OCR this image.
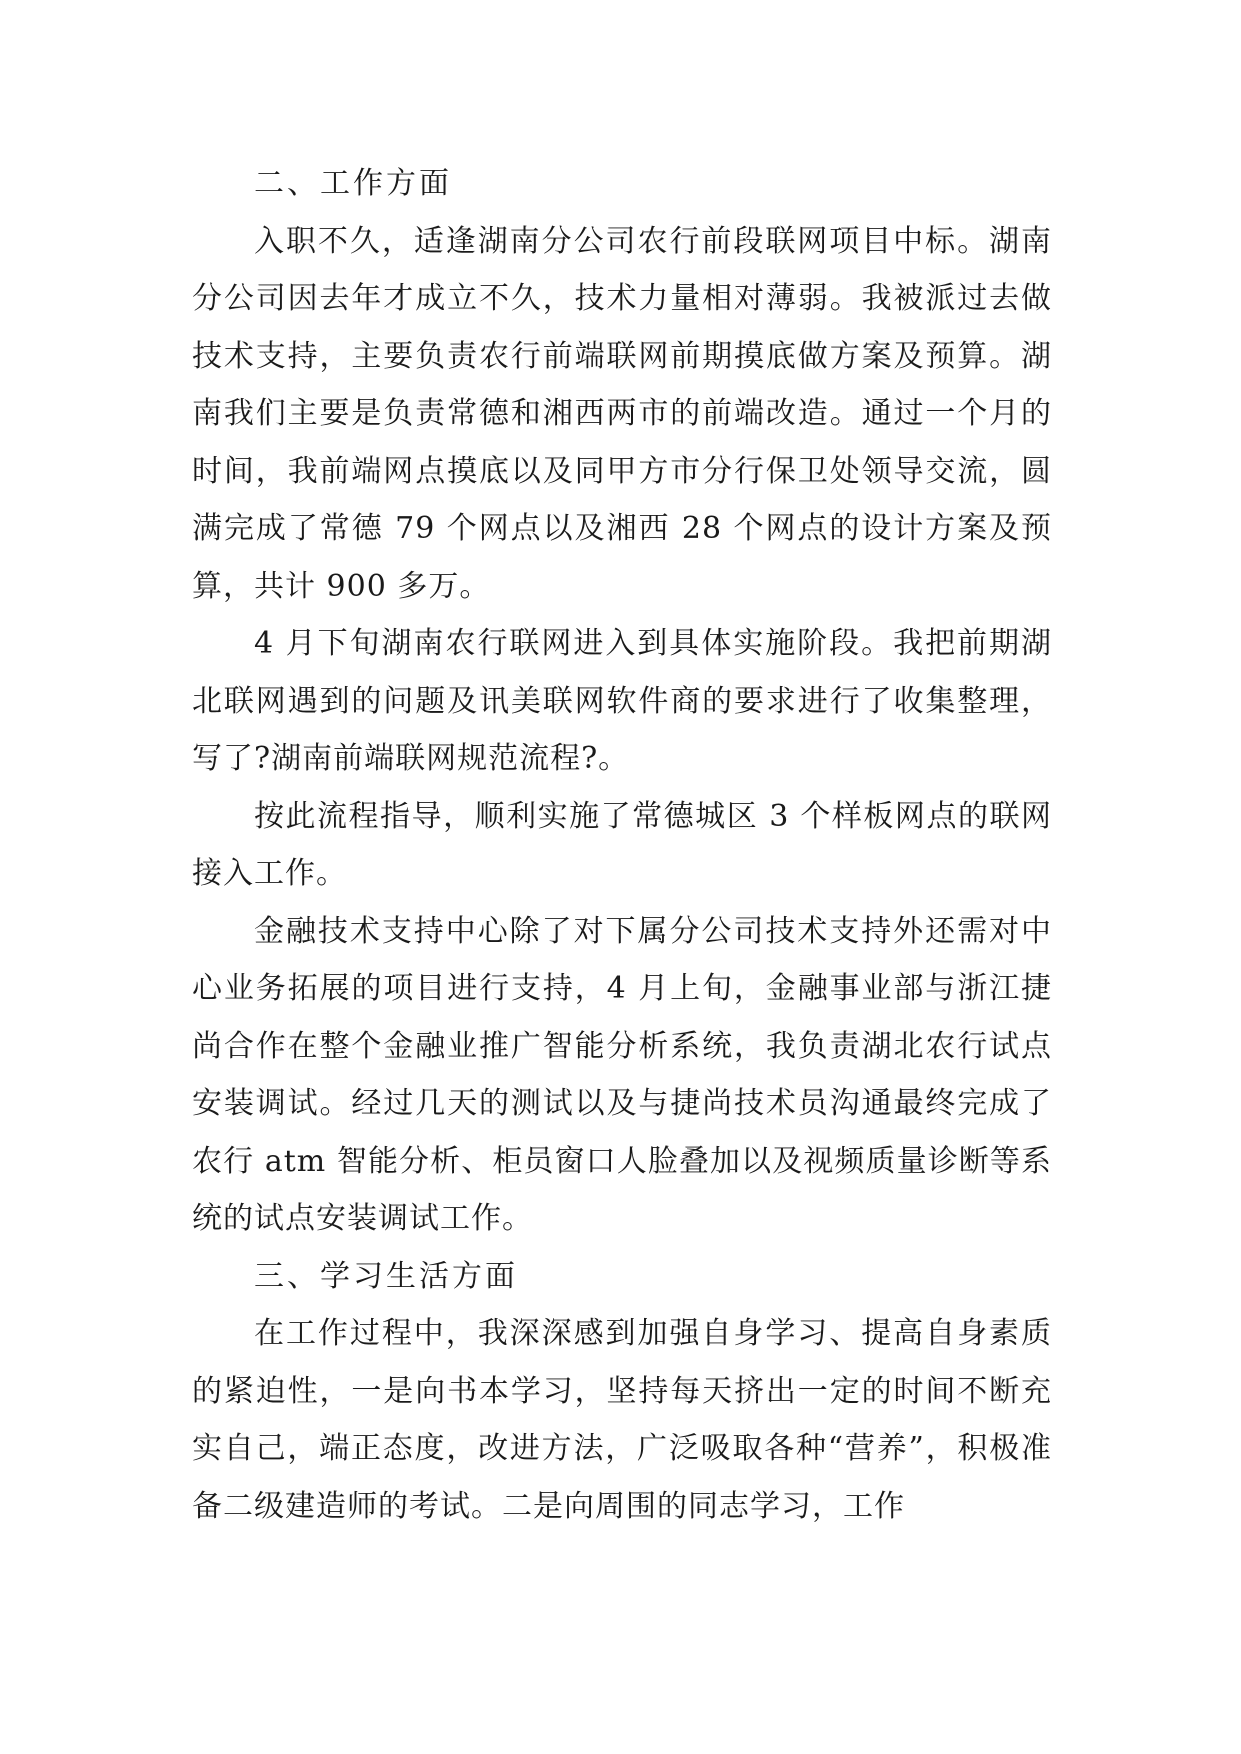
二、工作方面

入职不久，适逢湖南分公司农行前段联网项目中标。湖南分公司因去年才成立不久，技术力量相对薄弱。我被派过去做技术支持，主要负责农行前端联网前期摸底做方案及预算。湖南我们主要是负责常德和湘西两市的前端改造。通过一个月的时间，我前端网点摸底以及同甲方市分行保卫处领导交流，圆满完成了常德 79 个网点以及湘西 28 个网点的设计方案及预算，共计 900 多万。

4 月下旬湖南农行联网进入到具体实施阶段。我把前期湖北联网遇到的问题及讯美联网软件商的要求进行了收集整理，写了?湖南前端联网规范流程?。

按此流程指导，顺利实施了常德城区 3 个样板网点的联网接入工作。

金融技术支持中心除了对下属分公司技术支持外还需对中心业务拓展的项目进行支持，4 月上旬，金融事业部与浙江捷尚合作在整个金融业推广智能分析系统，我负责湖北农行试点安装调试。经过几天的测试以及与捷尚技术员沟通最终完成了农行 atm 智能分析、柜员窗口人脸叠加以及视频质量诊断等系统的试点安装调试工作。

三、学习生活方面

在工作过程中，我深深感到加强自身学习、提高自身素质的紧迫性，一是向书本学习，坚持每天挤出一定的时间不断充实自己，端正态度，改进方法，广泛吸取各种“营养”，积极准备二级建造师的考试。二是向周围的同志学习，工作
